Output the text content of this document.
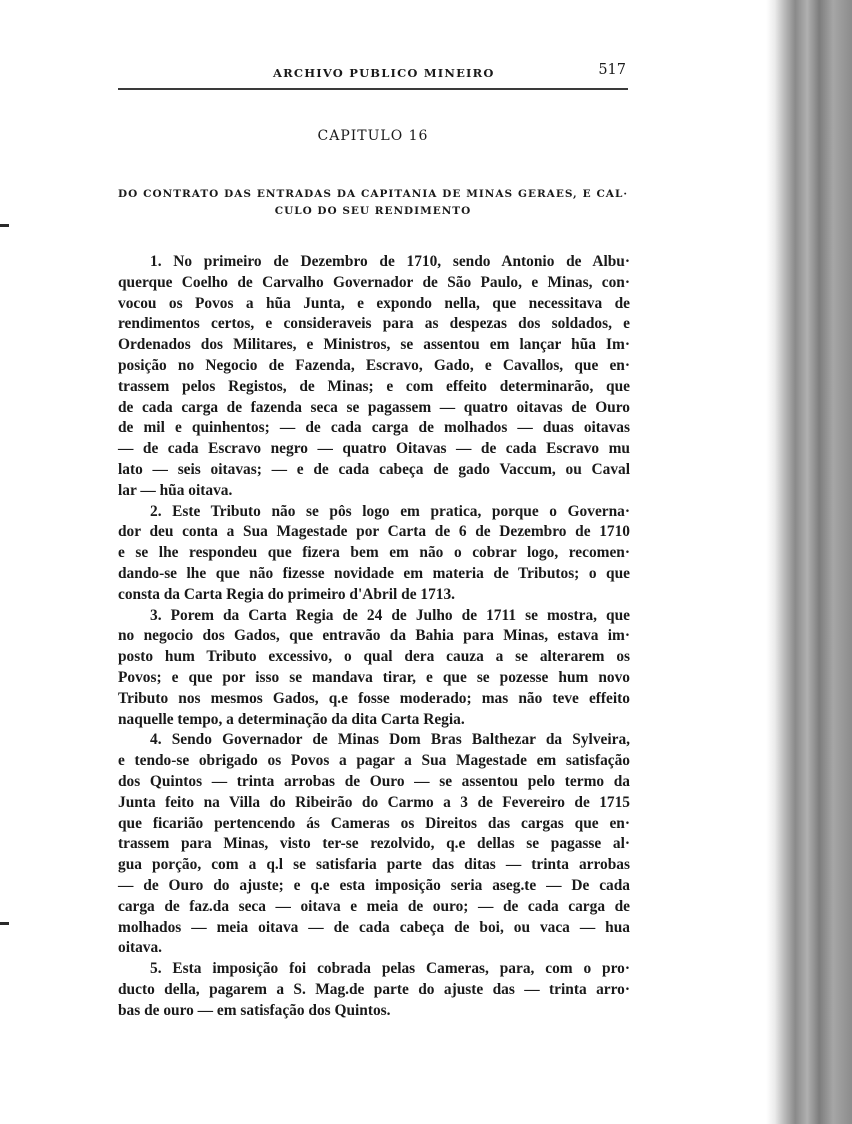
ARCHIVO PUBLICO MINEIRO	517
CAPITULO 16
DO CONTRATO DAS ENTRADAS DA CAPITANIA DE MINAS GERAES, E CAL·
CULO DO SEU RENDIMENTO
1. No primeiro de Dezembro de 1710, sendo Antonio de Albu·
querque Coelho de Carvalho Governador de São Paulo, e Minas, con·
vocou os Povos a hũa Junta, e expondo nella, que necessitava de
rendimentos certos, e consideraveis para as despezas dos soldados, e
Ordenados dos Militares, e Ministros, se assentou em lançar hũa Im·
posição no Negocio de Fazenda, Escravo, Gado, e Cavallos, que en·
trassem pelos Registos, de Minas; e com effeito determinarão, que
de cada carga de fazenda seca se pagassem — quatro oitavas de Ouro
de mil e quinhentos; — de cada carga de molhados — duas oitavas
— de cada Escravo negro — quatro Oitavas — de cada Escravo mu
lato — seis oitavas; — e de cada cabeça de gado Vaccum, ou Caval
lar — hũa oitava.
2. Este Tributo não se pôs logo em pratica, porque o Governa·
dor deu conta a Sua Magestade por Carta de 6 de Dezembro de 1710
e se lhe respondeu que fizera bem em não o cobrar logo, recomen·
dando-se lhe que não fizesse novidade em materia de Tributos; o que
consta da Carta Regia do primeiro d'Abril de 1713.
3. Porem da Carta Regia de 24 de Julho de 1711 se mostra, que
no negocio dos Gados, que entravão da Bahia para Minas, estava im·
posto hum Tributo excessivo, o qual dera cauza a se alterarem os
Povos; e que por isso se mandava tirar, e que se pozesse hum novo
Tributo nos mesmos Gados, q.e fosse moderado; mas não teve effeito
naquelle tempo, a determinação da dita Carta Regia.
4. Sendo Governador de Minas Dom Bras Balthezar da Sylveira,
e tendo-se obrigado os Povos a pagar a Sua Magestade em satisfação
dos Quintos — trinta arrobas de Ouro — se assentou pelo termo da
Junta feito na Villa do Ribeirão do Carmo a 3 de Fevereiro de 1715
que ficarião pertencendo ás Cameras os Direitos das cargas que en·
trassem para Minas, visto ter-se rezolvido, q.e dellas se pagasse al·
gua porção, com a q.l se satisfaria parte das ditas — trinta arrobas
— de Ouro do ajuste; e q.e esta imposição seria aseg.te — De cada
carga de faz.da seca — oitava e meia de ouro; — de cada carga de
molhados — meia oitava — de cada cabeça de boi, ou vaca — hua
oitava.
5. Esta imposição foi cobrada pelas Cameras, para, com o pro·
ducto della, pagarem a S. Mag.de parte do ajuste das — trinta arro·
bas de ouro — em satisfação dos Quintos.
